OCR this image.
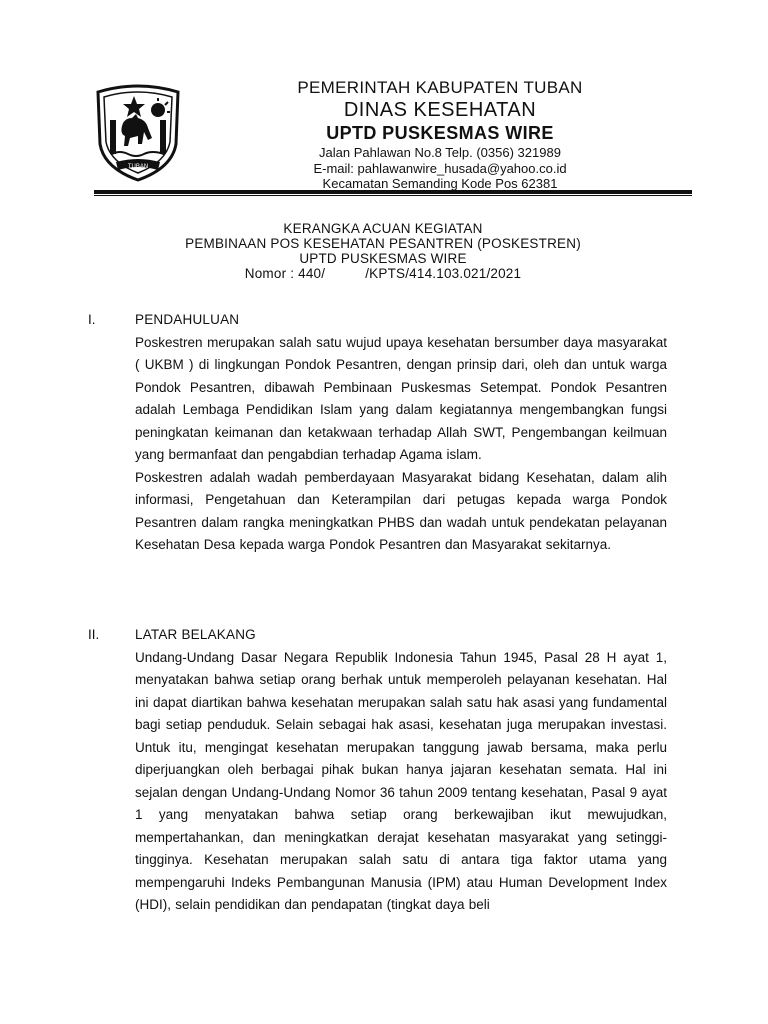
TUBAN
PEMERINTAH KABUPATEN TUBAN
DINAS KESEHATAN
UPTD PUSKESMAS WIRE
Jalan Pahlawan No.8 Telp. (0356) 321989
E-mail: pahlawanwire_husada@yahoo.co.id
Kecamatan Semanding Kode Pos 62381
KERANGKA ACUAN KEGIATAN
PEMBINAAN POS KESEHATAN PESANTREN (POSKESTREN)
UPTD PUSKESMAS WIRE
Nomor : 440/	/KPTS/414.103.021/2021
I.	PENDAHULUAN

Poskestren merupakan salah satu wujud upaya kesehatan bersumber daya masyarakat ( UKBM ) di lingkungan Pondok Pesantren, dengan prinsip dari, oleh dan untuk warga Pondok Pesantren, dibawah Pembinaan Puskesmas Setempat. Pondok Pesantren adalah Lembaga Pendidikan Islam yang dalam kegiatannya mengembangkan fungsi peningkatan keimanan dan ketakwaan terhadap Allah SWT, Pengembangan keilmuan yang bermanfaat dan pengabdian terhadap Agama islam.

Poskestren adalah wadah pemberdayaan Masyarakat bidang Kesehatan, dalam alih informasi, Pengetahuan dan Keterampilan dari petugas kepada warga Pondok Pesantren dalam rangka meningkatkan PHBS dan wadah untuk pendekatan pelayanan Kesehatan Desa kepada warga Pondok Pesantren dan Masyarakat sekitarnya.

II.	LATAR BELAKANG

Undang-Undang Dasar Negara Republik Indonesia Tahun 1945, Pasal 28 H ayat 1, menyatakan bahwa setiap orang berhak untuk memperoleh pelayanan kesehatan. Hal ini dapat diartikan bahwa kesehatan merupakan salah satu hak asasi yang fundamental bagi setiap penduduk. Selain sebagai hak asasi, kesehatan juga merupakan investasi. Untuk itu, mengingat kesehatan merupakan tanggung jawab bersama, maka perlu diperjuangkan oleh berbagai pihak bukan hanya jajaran kesehatan semata. Hal ini sejalan dengan Undang-Undang Nomor 36 tahun 2009 tentang kesehatan, Pasal 9 ayat 1 yang menyatakan bahwa setiap orang berkewajiban ikut mewujudkan, mempertahankan, dan meningkatkan derajat kesehatan masyarakat yang setinggi- tingginya. Kesehatan merupakan salah satu di antara tiga faktor utama yang mempengaruhi Indeks Pembangunan Manusia (IPM) atau Human Development Index (HDI), selain pendidikan dan pendapatan (tingkat daya beli
